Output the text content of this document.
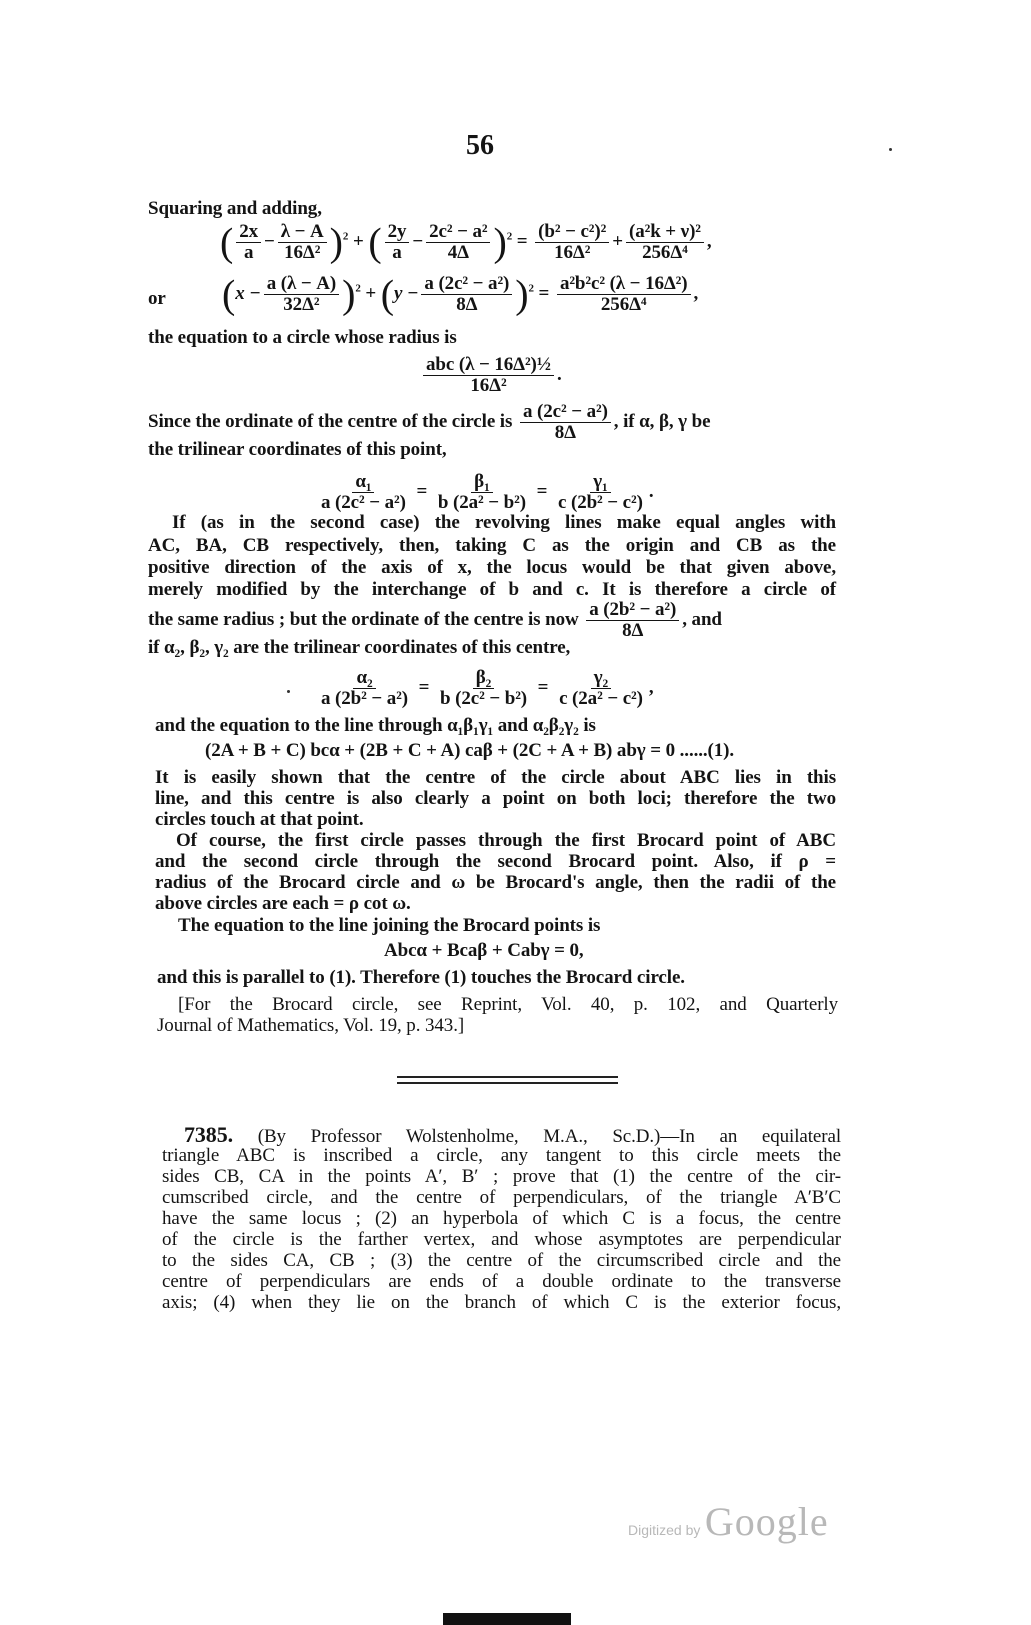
56
Squaring and adding,
( $\frac{2x}{a} - \frac{\lambda - A}{\text{16Δ²}} )^2$ + ( $\frac{2y}{a} - \frac{\text{2c² − a²}}{4\Delta} )^2 = \frac{\text{(b² − c²)²}}{\text{16Δ²}} + \frac{\text{(a²k + ν)²}}{\text{256Δ⁴}}$ ,
or $(x - \frac{a (\lambda - A)}{\text{32Δ²}} )^2 + (y - \frac{\text{a (2c² − a²)}}{8\Delta} )^2 = \frac{\text{a²b²c² (λ − 16Δ²)}}{\text{256Δ⁴}}$ ,
the equation to a circle whose radius is
$\frac{\text{abc (λ − 16Δ²)½}}{\text{16Δ²}}$ .
Since the ordinate of the centre of the circle is $\frac{\text{a (2c² − a²)}}{8\Delta}$ , if α, β, γ be
the trilinear coordinates of this point,
$\frac{\text{α₁}}{\text{a (2c² − a²)}} = \frac{\text{β₁}}{\text{b (2a² − b²)}} = \frac{\text{γ₁}}{\text{c (2b² − c²)}}$ .
If (as in the second case) the revolving lines make equal angles with
AC, BA, CB respectively, then, taking C as the origin and CB as the
positive direction of the axis of x, the locus would be that given above,
merely modified by the interchange of b and c. It is therefore a circle of
the same radius ; but the ordinate of the centre is now $\frac{\text{a (2b² − a²)}}{8\Delta}$ , and
if α₂, β₂, γ₂ are the trilinear coordinates of this centre,
$\frac{\text{α₂}}{\text{a (2b² − a²)}} = \frac{\text{β₂}}{\text{b (2c² − b²)}} = \frac{\text{γ₂}}{\text{c (2a² − c²)}}$ ,
and the equation to the line through α₁β₁γ₁ and α₂β₂γ₂ is
(2A + B + C) bcα + (2B + C + A) caβ + (2C + A + B) abγ = 0 ......(1).
It is easily shown that the centre of the circle about ABC lies in this
line, and this centre is also clearly a point on both loci; therefore the two
circles touch at that point.
Of course, the first circle passes through the first Brocard point of ABC
and the second circle through the second Brocard point. Also, if ρ =
radius of the Brocard circle and ω be Brocard's angle, then the radii of the
above circles are each = ρ cot ω.
The equation to the line joining the Brocard points is
Abcα + Bcaβ + Cabγ = 0,
and this is parallel to (1). Therefore (1) touches the Brocard circle.
[For the Brocard circle, see Reprint, Vol. 40, p. 102, and Quarterly
Journal of Mathematics, Vol. 19, p. 343.]
7385. (By Professor Wolstenholme, M.A., Sc.D.)—In an equilateral
triangle ABC is inscribed a circle, any tangent to this circle meets the
sides CB, CA in the points A′, B′ ; prove that (1) the centre of the cir-
cumscribed circle, and the centre of perpendiculars, of the triangle A′B′C
have the same locus ; (2) an hyperbola of which C is a focus, the centre
of the circle is the farther vertex, and whose asymptotes are perpendicular
to the sides CA, CB ; (3) the centre of the circumscribed circle and the
centre of perpendiculars are ends of a double ordinate to the transverse
axis; (4) when they lie on the branch of which C is the exterior focus,
Digitized by Google
